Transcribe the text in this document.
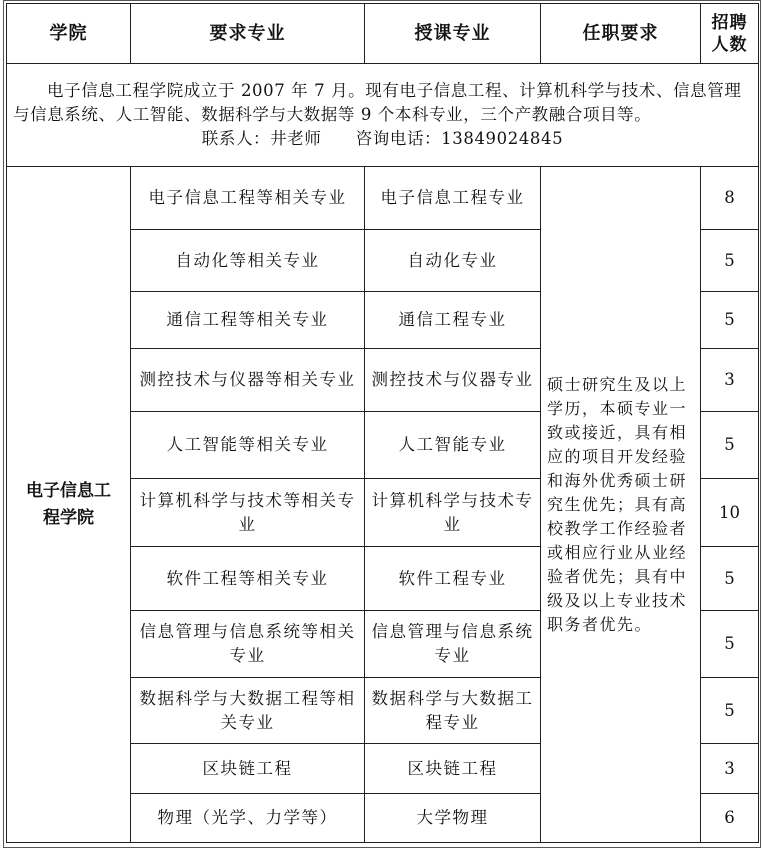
学院	要求专业	授课专业	任职要求	招聘人数

电子信息工程学院成立于 2007 年 7 月。现有电子信息工程、计算机科学与技术、信息管理与信息系统、人工智能、数据科学与大数据等 9 个本科专业，三个产教融合项目等。
联系人：井老师　　咨询电话：13849024845				

电子信息工程学院	电子信息工程等相关专业	电子信息工程专业	硕士研究生及以上学历，本硕专业一致或接近，具有相应的项目开发经验和海外优秀硕士研究生优先；具有高校教学工作经验者或相应行业从业经验者优先；具有中级及以上专业技术职务者优先。	8
	自动化等相关专业	自动化专业		5
	通信工程等相关专业	通信工程专业		5
	测控技术与仪器等相关专业	测控技术与仪器专业		3
	人工智能等相关专业	人工智能专业		5
	计算机科学与技术等相关专业	计算机科学与技术专业		10
	软件工程等相关专业	软件工程专业		5
	信息管理与信息系统等相关专业	信息管理与信息系统专业		5
	数据科学与大数据工程等相关专业	数据科学与大数据工程专业		5
	区块链工程	区块链工程		3
	物理（光学、力学等）	大学物理		6
